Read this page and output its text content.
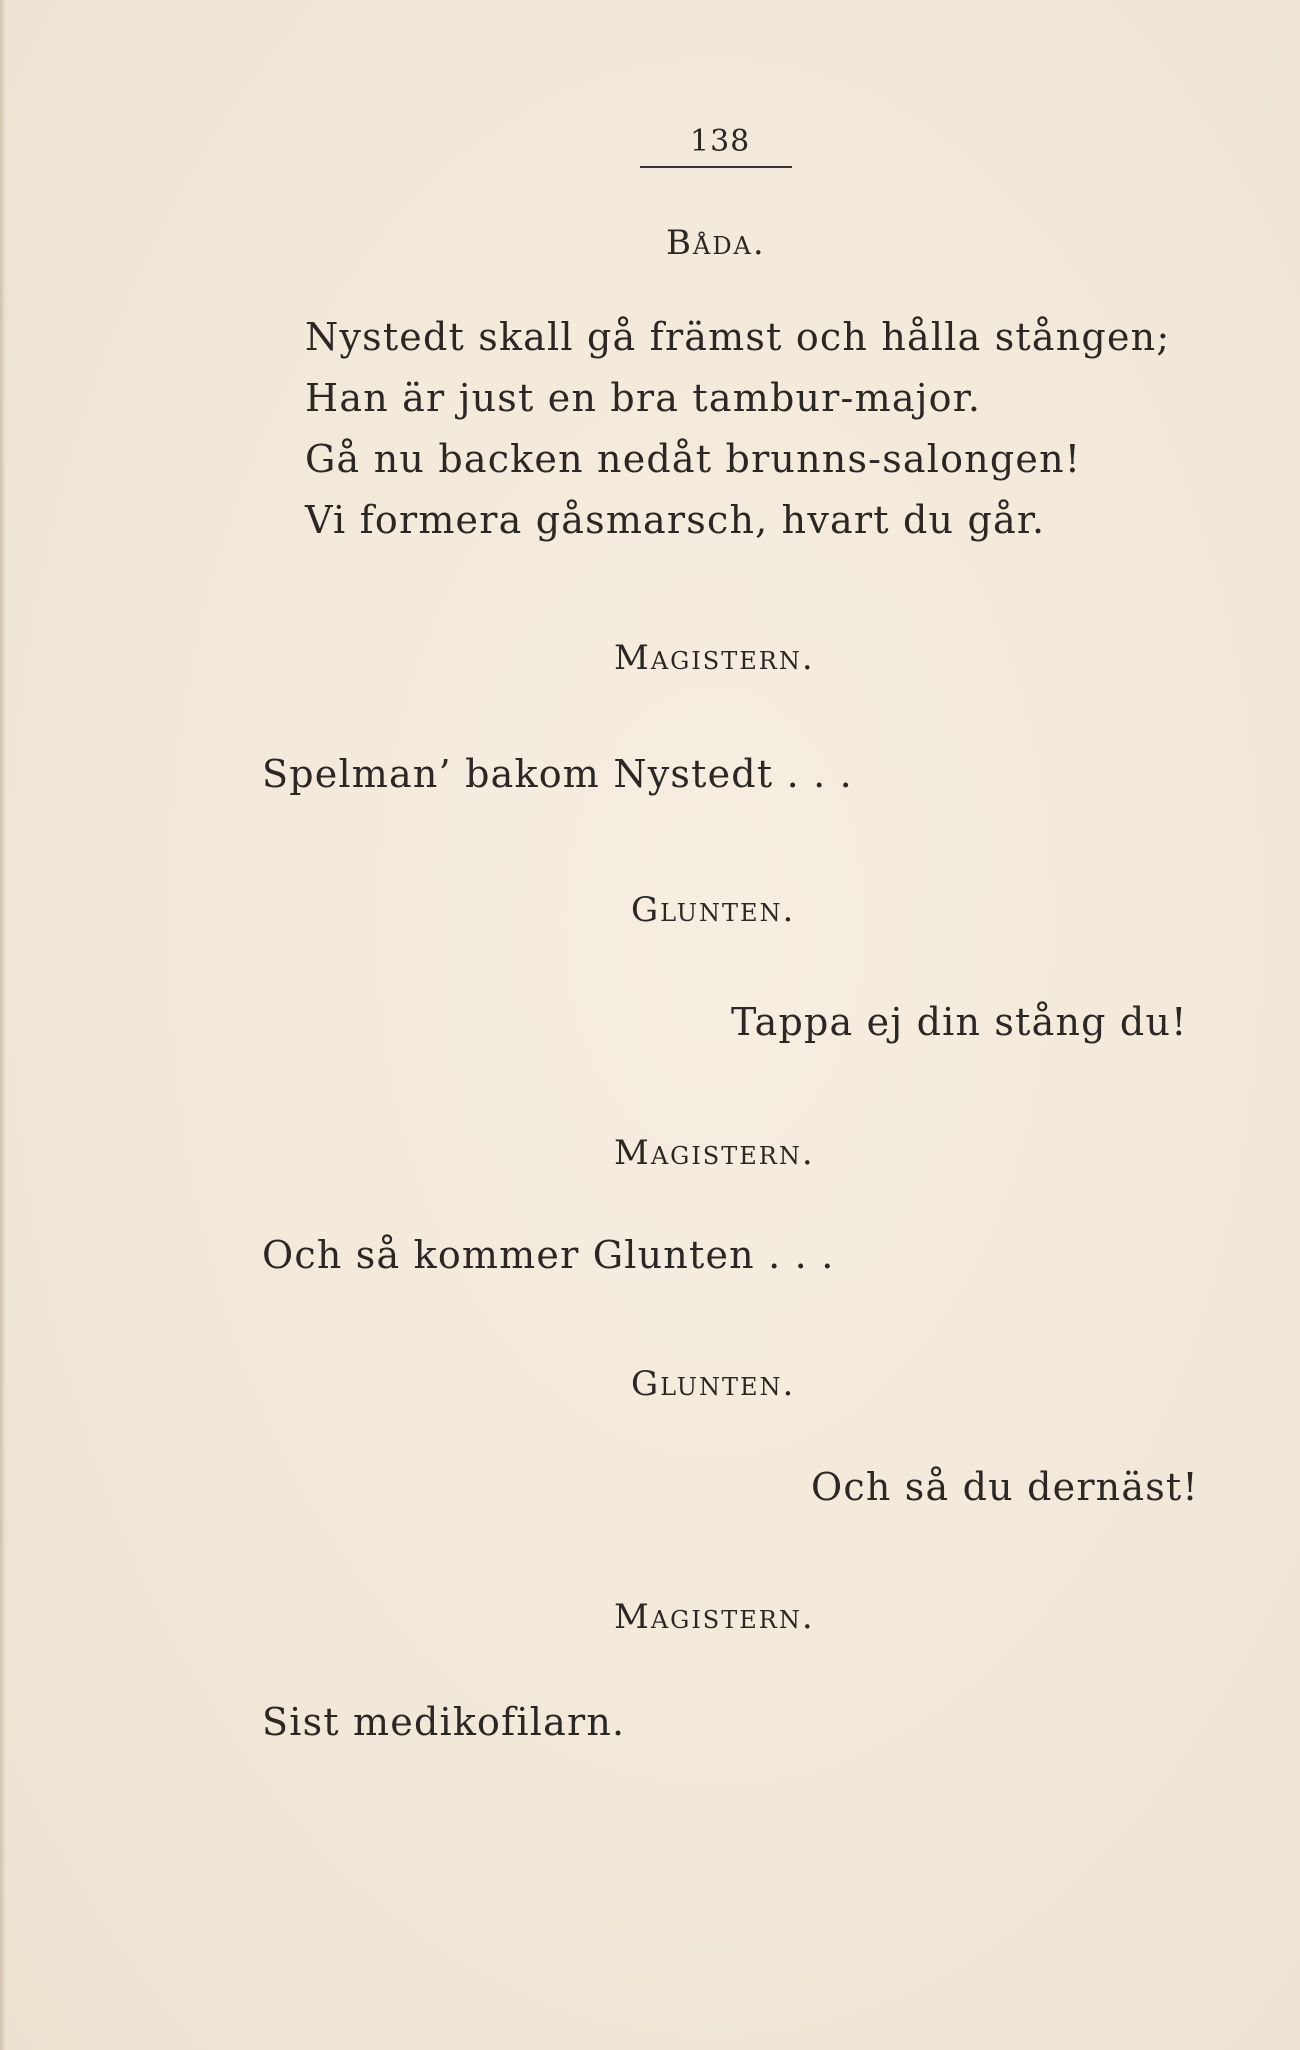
138
Båda.
Nystedt skall gå främst och hålla stången;
Han är just en bra tambur-major.
Gå nu backen nedåt brunns-salongen!
Vi formera gåsmarsch, hvart du går.
Magistern.
Spelman’ bakom Nystedt . . .
Glunten.
Tappa ej din stång du!
Magistern.
Och så kommer Glunten . . .
Glunten.
Och så du dernäst!
Magistern.
Sist medikofilarn.
